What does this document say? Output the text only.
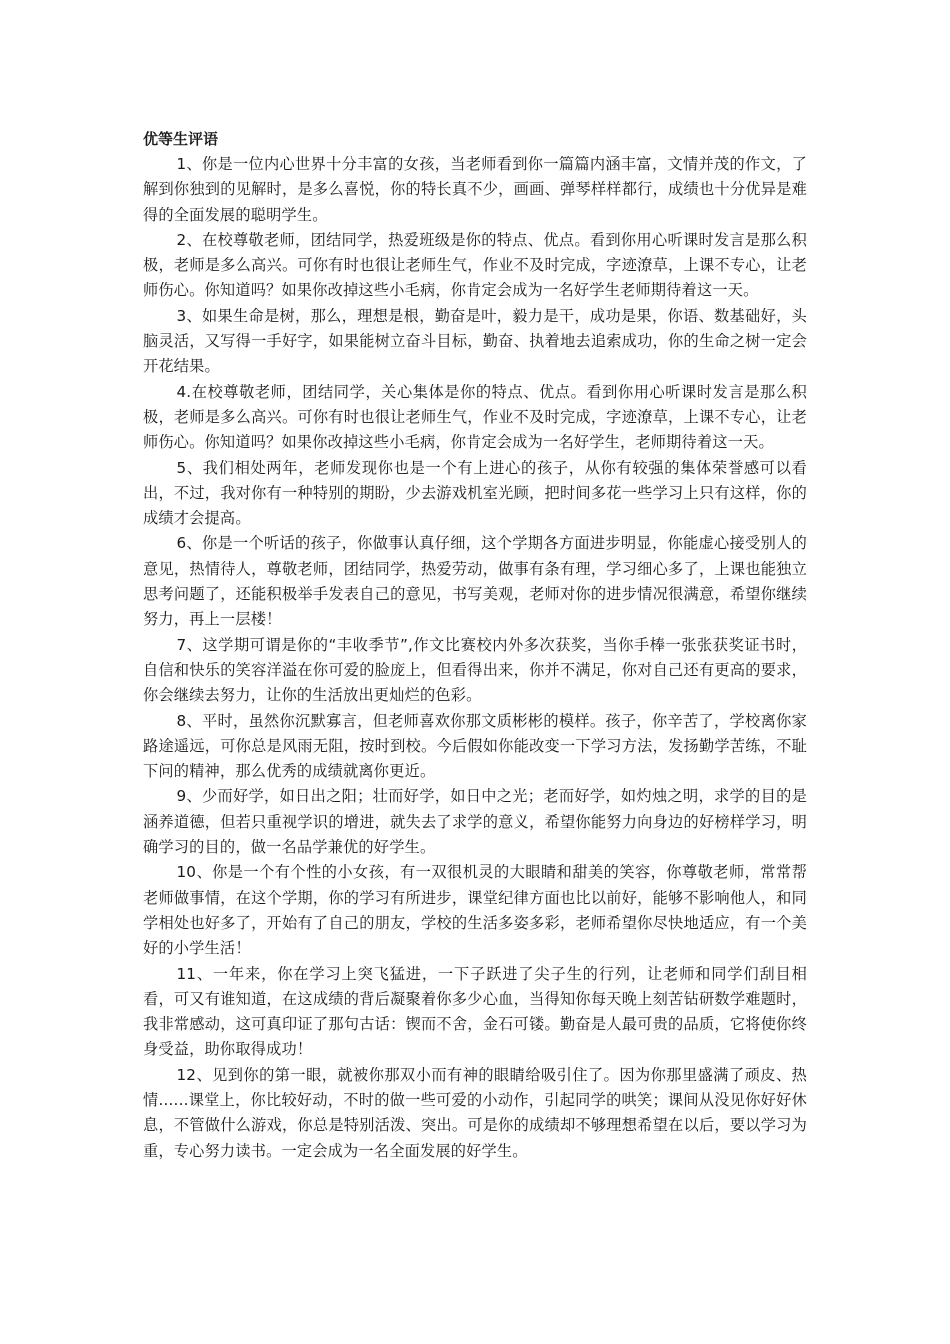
优等生评语

1、你是一位内心世界十分丰富的女孩，当老师看到你一篇篇内涵丰富，文情并茂的作文，了解到你独到的见解时，是多么喜悦，你的特长真不少，画画、弹琴样样都行，成绩也十分优异是难得的全面发展的聪明学生。

2、在校尊敬老师，团结同学，热爱班级是你的特点、优点。看到你用心听课时发言是那么积极，老师是多么高兴。可你有时也很让老师生气，作业不及时完成，字迹潦草，上课不专心，让老师伤心。你知道吗？如果你改掉这些小毛病，你肯定会成为一名好学生老师期待着这一天。

3、如果生命是树，那么，理想是根，勤奋是叶，毅力是干，成功是果，你语、数基础好，头脑灵活，又写得一手好字，如果能树立奋斗目标，勤奋、执着地去追索成功，你的生命之树一定会开花结果。

4.在校尊敬老师，团结同学，关心集体是你的特点、优点。看到你用心听课时发言是那么积极，老师是多么高兴。可你有时也很让老师生气，作业不及时完成，字迹潦草，上课不专心，让老师伤心。你知道吗？如果你改掉这些小毛病，你肯定会成为一名好学生，老师期待着这一天。

5、我们相处两年，老师发现你也是一个有上进心的孩子，从你有较强的集体荣誉感可以看出，不过，我对你有一种特别的期盼，少去游戏机室光顾，把时间多花一些学习上只有这样，你的成绩才会提高。

6、你是一个听话的孩子，你做事认真仔细，这个学期各方面进步明显，你能虚心接受别人的意见，热情待人，尊敬老师，团结同学，热爱劳动，做事有条有理，学习细心多了，上课也能独立思考问题了，还能积极举手发表自己的意见，书写美观，老师对你的进步情况很满意，希望你继续努力，再上一层楼！

7、这学期可谓是你的“丰收季节”,作文比赛校内外多次获奖，当你手棒一张张获奖证书时，自信和快乐的笑容洋溢在你可爱的脸庞上，但看得出来，你并不满足，你对自己还有更高的要求，你会继续去努力，让你的生活放出更灿烂的色彩。

8、平时，虽然你沉默寡言，但老师喜欢你那文质彬彬的模样。孩子，你辛苦了，学校离你家路途遥远，可你总是风雨无阻，按时到校。今后假如你能改变一下学习方法，发扬勤学苦练，不耻下问的精神，那么优秀的成绩就离你更近。

9、少而好学，如日出之阳；壮而好学，如日中之光；老而好学，如灼烛之明，求学的目的是涵养道德，但若只重视学识的增进，就失去了求学的意义，希望你能努力向身边的好榜样学习，明确学习的目的，做一名品学兼优的好学生。

10、你是一个有个性的小女孩，有一双很机灵的大眼睛和甜美的笑容，你尊敬老师，常常帮老师做事情，在这个学期，你的学习有所进步，课堂纪律方面也比以前好，能够不影响他人，和同学相处也好多了，开始有了自己的朋友，学校的生活多姿多彩，老师希望你尽快地适应，有一个美好的小学生活！

11、一年来，你在学习上突飞猛进，一下子跃进了尖子生的行列，让老师和同学们刮目相看，可又有谁知道，在这成绩的背后凝聚着你多少心血，当得知你每天晚上刻苦钻研数学难题时，我非常感动，这可真印证了那句古话：锲而不舍，金石可镂。勤奋是人最可贵的品质，它将使你终身受益，助你取得成功！

12、见到你的第一眼，就被你那双小而有神的眼睛给吸引住了。因为你那里盛满了顽皮、热情......课堂上，你比较好动，不时的做一些可爱的小动作，引起同学的哄笑；课间从没见你好好休息，不管做什么游戏，你总是特别活泼、突出。可是你的成绩却不够理想希望在以后，要以学习为重，专心努力读书。一定会成为一名全面发展的好学生。
